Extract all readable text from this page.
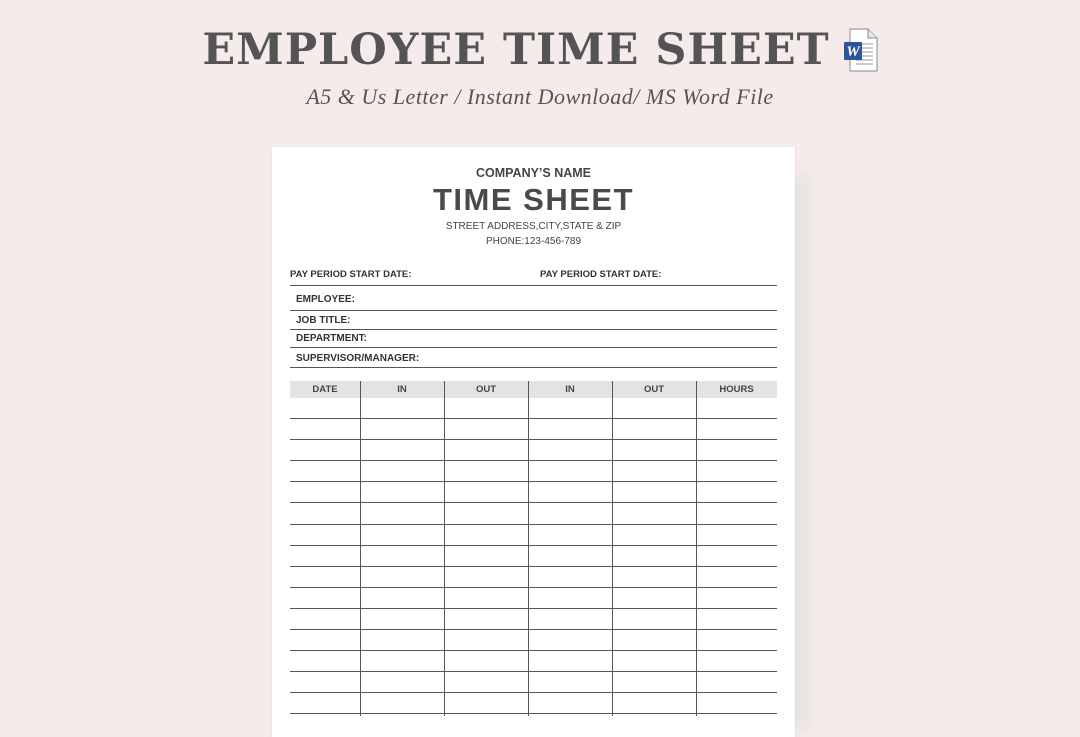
EMPLOYEE TIME SHEET W
A5 & Us Letter / Instant Download/ MS Word File
COMPANY’S NAME
TIME SHEET
STREET ADDRESS,CITY,STATE & ZIP
PHONE:123-456-789
PAY PERIOD START DATE:	PAY PERIOD START DATE:
EMPLOYEE:
JOB TITLE:
DEPARTMENT:
SUPERVISOR/MANAGER:
DATE	IN	OUT	IN	OUT	HOURS
